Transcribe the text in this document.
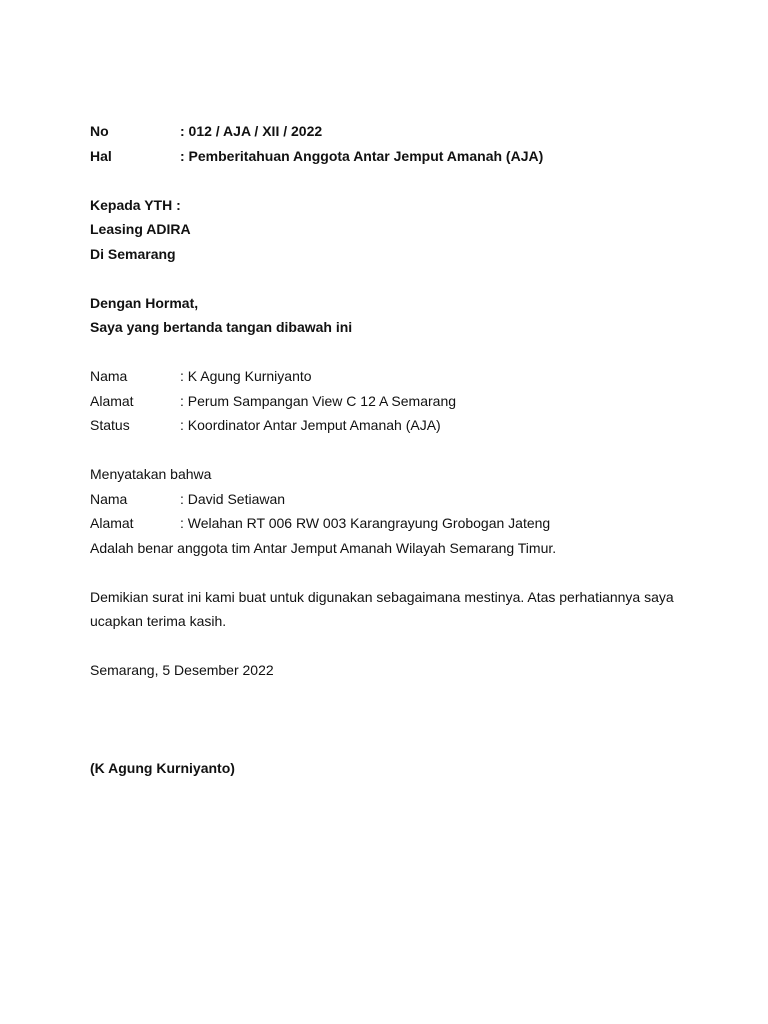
No	: 012 / AJA / XII / 2022
Hal	: Pemberitahuan Anggota Antar Jemput Amanah (AJA)
Kepada YTH :
Leasing ADIRA
Di Semarang
Dengan Hormat,
Saya yang bertanda tangan dibawah ini
Nama	: K Agung Kurniyanto
Alamat	: Perum Sampangan View C 12 A Semarang
Status	: Koordinator Antar Jemput Amanah (AJA)
Menyatakan bahwa
Nama	: David Setiawan
Alamat	: Welahan RT 006 RW 003 Karangrayung Grobogan Jateng
Adalah benar anggota tim Antar Jemput Amanah Wilayah Semarang Timur.
Demikian surat ini kami buat untuk digunakan sebagaimana mestinya. Atas perhatiannya saya
ucapkan terima kasih.
Semarang, 5 Desember 2022
(K Agung Kurniyanto)
